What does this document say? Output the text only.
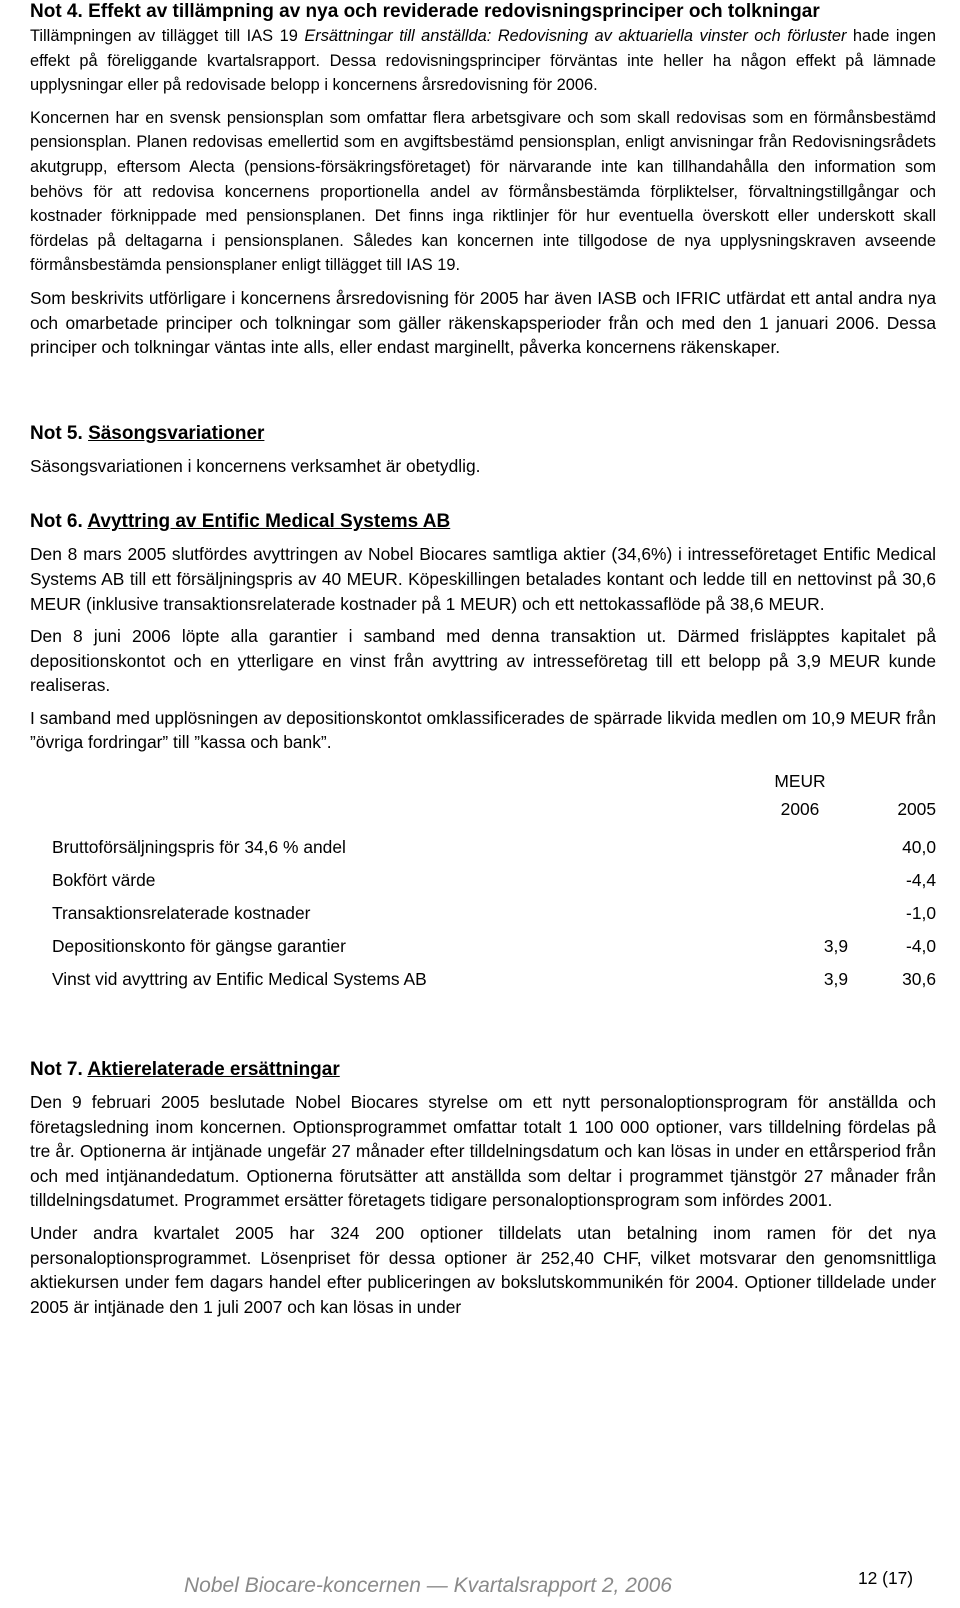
Not 4. Effekt av tillämpning av nya och reviderade redovisningsprinciper och tolkningar

Tillämpningen av tillägget till IAS 19 Ersättningar till anställda: Redovisning av aktuariella vinster och förluster hade ingen effekt på föreliggande kvartalsrapport. Dessa redovisningsprinciper förväntas inte heller ha någon effekt på lämnade upplysningar eller på redovisade belopp i koncernens årsredovisning för 2006.

Koncernen har en svensk pensionsplan som omfattar flera arbetsgivare och som skall redovisas som en förmånsbestämd pensionsplan. Planen redovisas emellertid som en avgiftsbestämd pensionsplan, enligt anvisningar från Redovisningsrådets akutgrupp, eftersom Alecta (pensions-försäkringsföretaget) för närvarande inte kan tillhandahålla den information som behövs för att redovisa koncernens proportionella andel av förmånsbestämda förpliktelser, förvaltningstillgångar och kostnader förknippade med pensionsplanen. Det finns inga riktlinjer för hur eventuella överskott eller underskott skall fördelas på deltagarna i pensionsplanen. Således kan koncernen inte tillgodose de nya upplysningskraven avseende förmånsbestämda pensionsplaner enligt tillägget till IAS 19.

Som beskrivits utförligare i koncernens årsredovisning för 2005 har även IASB och IFRIC utfärdat ett antal andra nya och omarbetade principer och tolkningar som gäller räkenskapsperioder från och med den 1 januari 2006. Dessa principer och tolkningar väntas inte alls, eller endast marginellt, påverka koncernens räkenskaper.

Not 5. Säsongsvariationer

Säsongsvariationen i koncernens verksamhet är obetydlig.

Not 6. Avyttring av Entific Medical Systems AB

Den 8 mars 2005 slutfördes avyttringen av Nobel Biocares samtliga aktier (34,6%) i intresseföretaget Entific Medical Systems AB till ett försäljningspris av 40 MEUR. Köpeskillingen betalades kontant och ledde till en nettovinst på 30,6 MEUR (inklusive transaktionsrelaterade kostnader på 1 MEUR) och ett nettokassaflöde på 38,6 MEUR.

Den 8 juni 2006 löpte alla garantier i samband med denna transaktion ut. Därmed frisläpptes kapitalet på depositionskontot och en ytterligare en vinst från avyttring av intresseföretag till ett belopp på 3,9 MEUR kunde realiseras.

I samband med upplösningen av depositionskontot omklassificerades de spärrade likvida medlen om 10,9 MEUR från ”övriga fordringar” till ”kassa och bank”.

	MEUR	
	2006	2005

Bruttoförsäljningspris för 34,6 % andel		40,0
Bokfört värde		-4,4
Transaktionsrelaterade kostnader		-1,0
Depositionskonto för gängse garantier	3,9	-4,0
Vinst vid avyttring av Entific Medical Systems AB	3,9	30,6
Not 7. Aktierelaterade ersättningar

Den 9 februari 2005 beslutade Nobel Biocares styrelse om ett nytt personaloptionsprogram för anställda och företagsledning inom koncernen. Optionsprogrammet omfattar totalt 1 100 000 optioner, vars tilldelning fördelas på tre år. Optionerna är intjänade ungefär 27 månader efter tilldelningsdatum och kan lösas in under en ettårsperiod från och med intjänandedatum. Optionerna förutsätter att anställda som deltar i programmet tjänstgör 27 månader från tilldelningsdatumet. Programmet ersätter företagets tidigare personaloptionsprogram som infördes 2001.

Under andra kvartalet 2005 har 324 200 optioner tilldelats utan betalning inom ramen för det nya personaloptionsprogrammet. Lösenpriset för dessa optioner är 252,40 CHF, vilket motsvarar den genomsnittliga aktiekursen under fem dagars handel efter publiceringen av bokslutskommunikén för 2004. Optioner tilldelade under 2005 är intjänade den 1 juli 2007 och kan lösas in under

Nobel Biocare-koncernen — Kvartalsrapport 2, 2006	12 (17)
